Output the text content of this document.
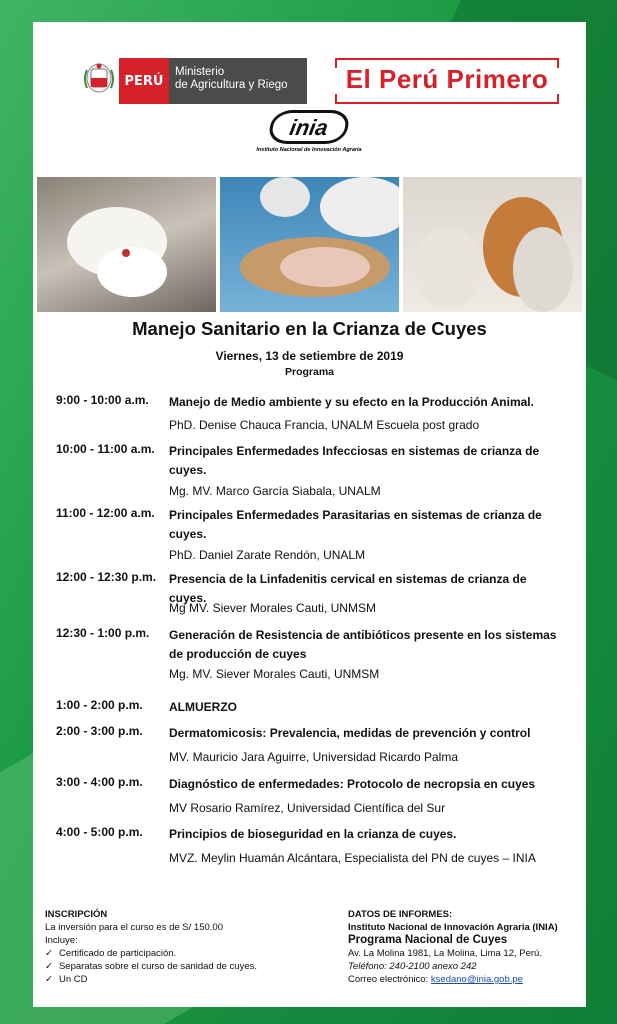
PERÚ
Ministerio
de Agricultura y Riego	El Perú Primero
inia
Instituto Nacional de Innovación Agraria
Manejo Sanitario en la Crianza de Cuyes
Viernes, 13 de setiembre de 2019
Programa
9:00 - 10:00 a.m.	Manejo de Medio ambiente y su efecto en la Producción Animal.
PhD. Denise Chauca Francia, UNALM Escuela post grado
10:00 - 11:00 a.m.	Principales Enfermedades Infecciosas en sistemas de crianza de cuyes.
Mg. MV. Marco García Siabala, UNALM
11:00 - 12:00 a.m.	Principales Enfermedades Parasitarias en sistemas de crianza de cuyes.
PhD. Daniel Zarate Rendón, UNALM
12:00 - 12:30 p.m.	Presencia de la Linfadenitis cervical en sistemas de crianza de cuyes.
Mg MV. Siever Morales Cauti, UNMSM
12:30 - 1:00 p.m.	Generación de Resistencia de antibióticos presente en los sistemas de producción de cuyes
Mg. MV. Siever Morales Cauti, UNMSM
1:00 - 2:00 p.m.	ALMUERZO
2:00 - 3:00 p.m.	Dermatomicosis: Prevalencia, medidas de prevención y control
MV. Mauricio Jara Aguirre, Universidad Ricardo Palma
3:00 - 4:00 p.m.	Diagnóstico de enfermedades: Protocolo de necropsia en cuyes
MV Rosario Ramírez, Universidad Científica del Sur
4:00 - 5:00 p.m.	Principios de bioseguridad en la crianza de cuyes.
MVZ. Meylin Huamán Alcántara, Especialista del PN de cuyes – INIA
INSCRIPCIÓN
La inversión para el curso es de S/ 150.00
Incluye:
✓ Certificado de participación.
✓ Separatas sobre el curso de sanidad de cuyes.
✓ Un CD
DATOS DE INFORMES:
Instituto Nacional de Innovación Agraria (INIA)
Programa Nacional de Cuyes
Av. La Molina 1981, La Molina, Lima 12, Perú.
Teléfono: 240-2100 anexo 242
Correo electrónico: ksedano@inia.gob.pe
